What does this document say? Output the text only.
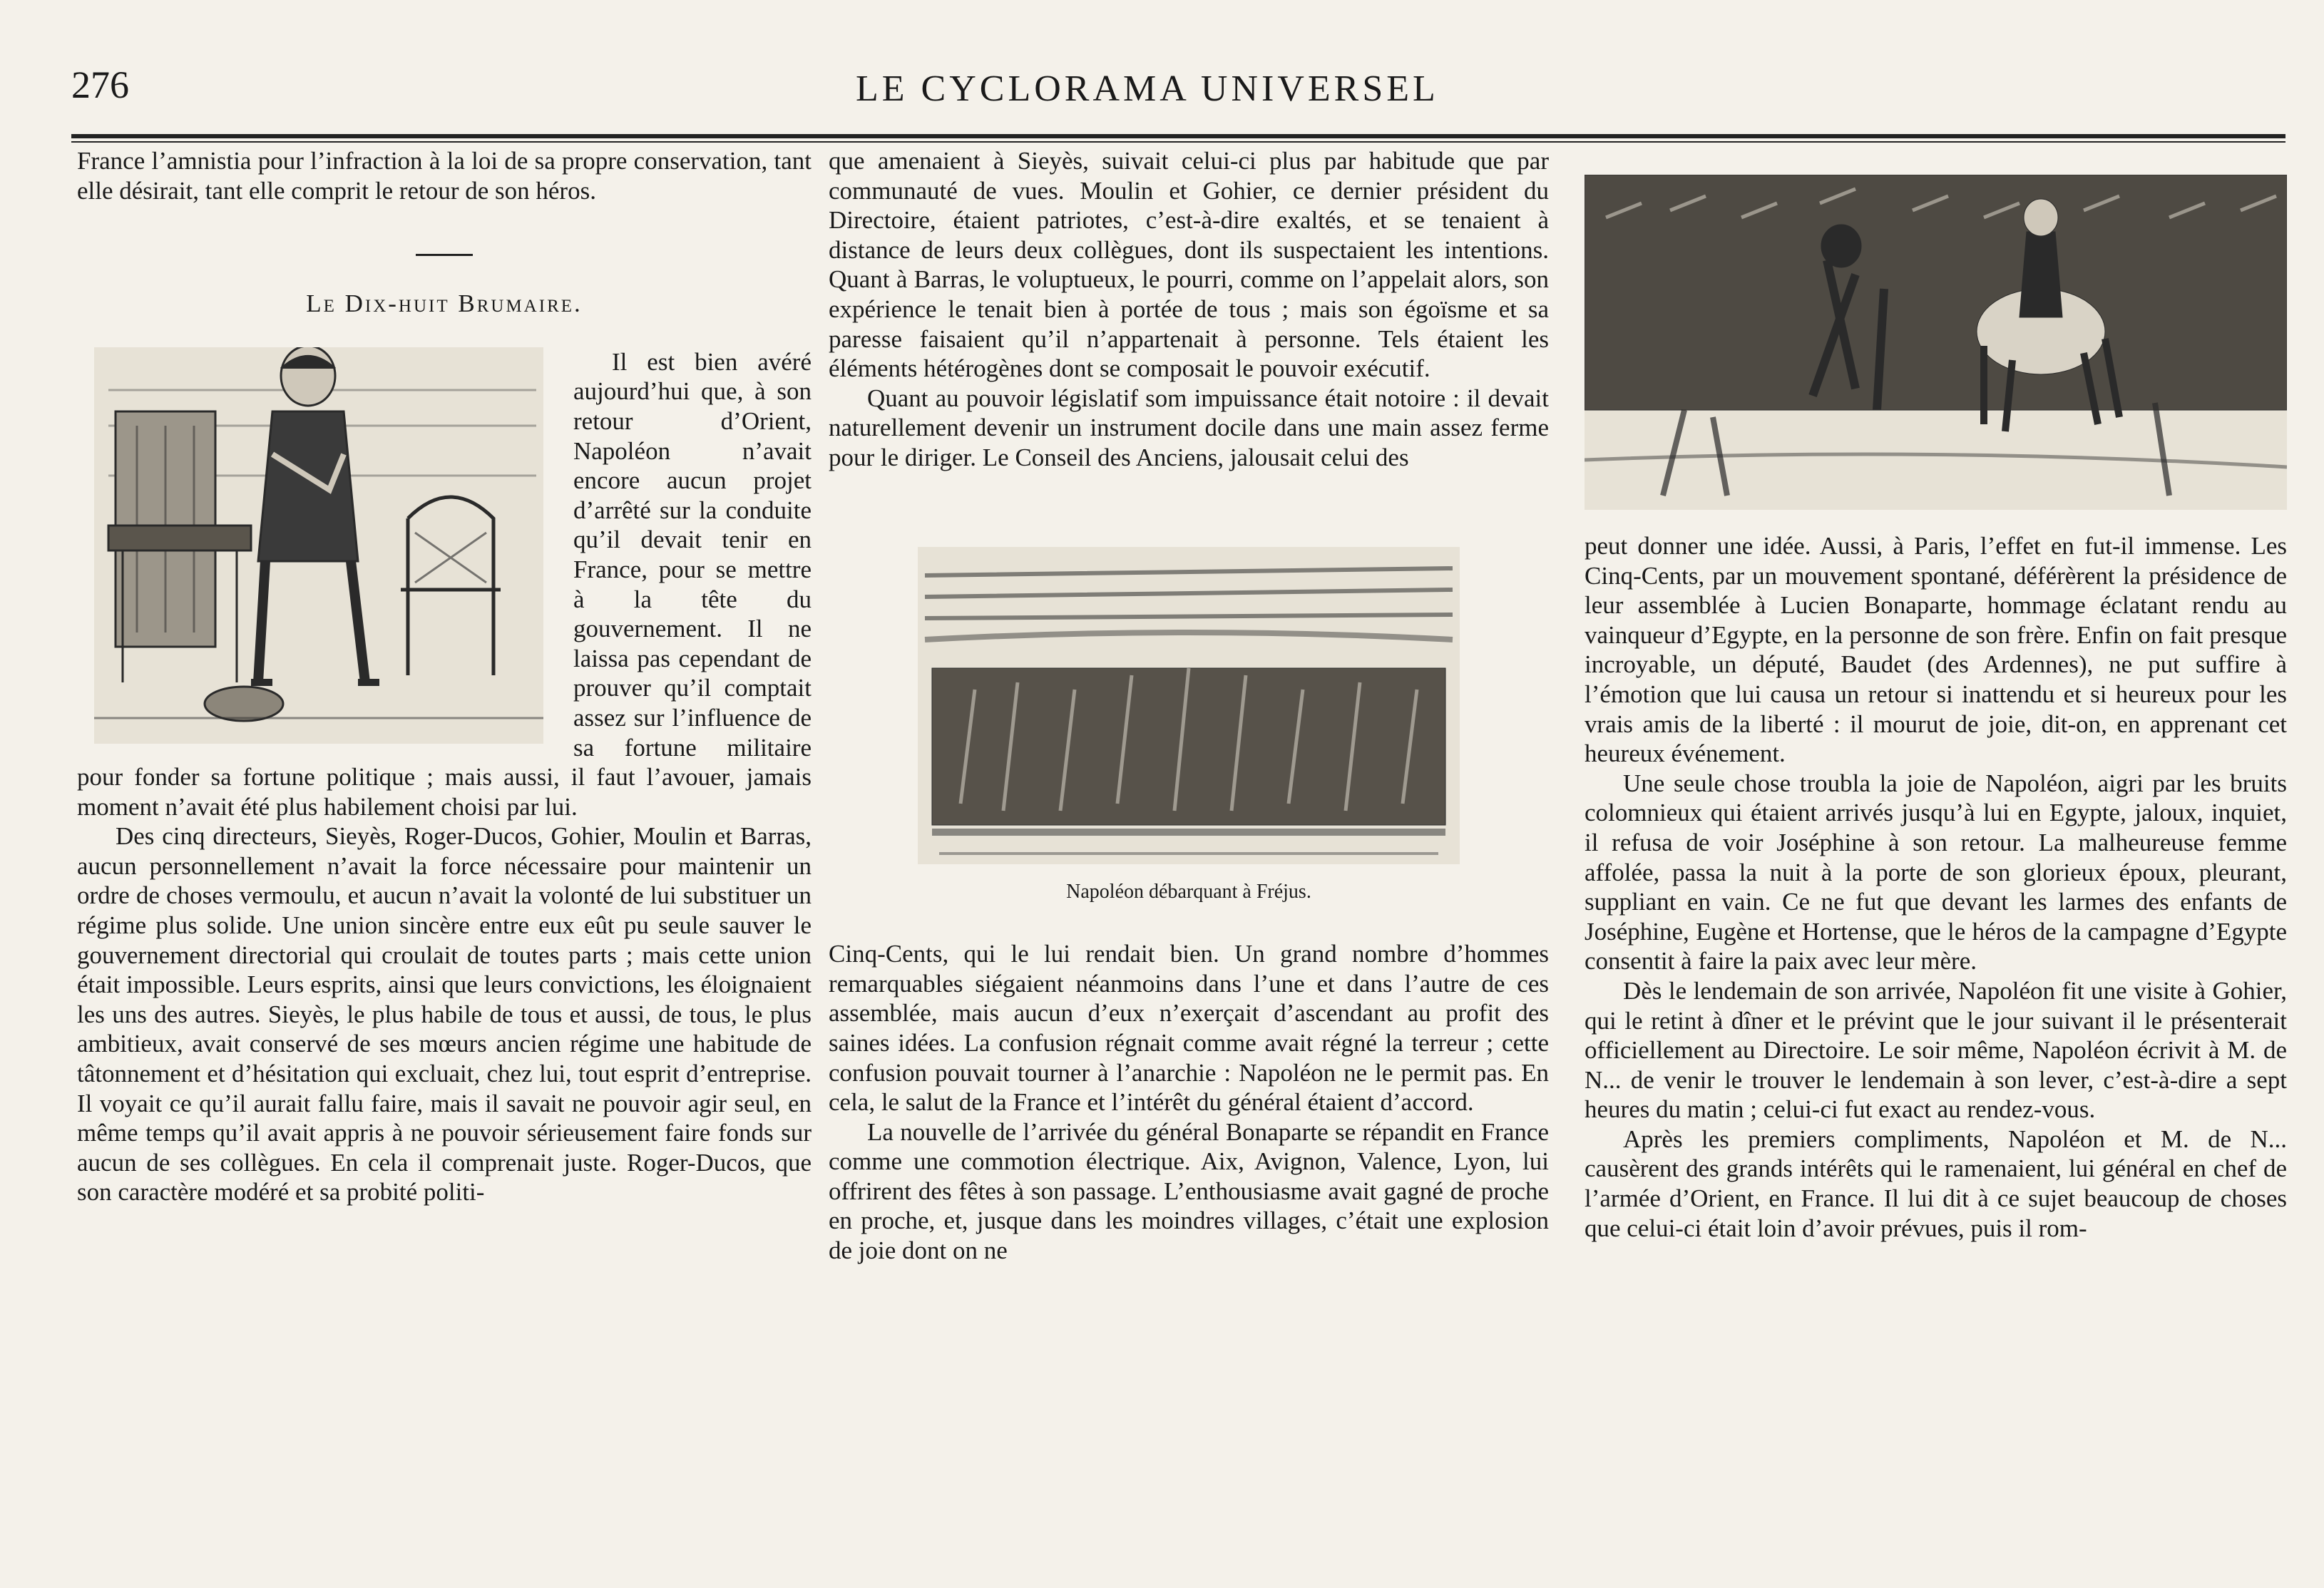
276	LE CYCLORAMA UNIVERSEL

France l’amnistia pour l’infraction à la loi de sa propre conservation, tant elle désirait, tant elle comprit le retour de son héros.

Le Dix-huit Brumaire.

Il est bien avéré aujourd’hui que, à son retour d’Orient, Napoléon n’avait encore aucun projet d’arrêté sur la conduite qu’il devait tenir en France, pour se mettre à la tête du gouvernement. Il ne laissa pas cependant de prouver qu’il comptait assez sur l’influence de sa fortune militaire pour fonder sa fortune politique ; mais aussi, il faut l’avouer, jamais moment n’avait été plus habilement choisi par lui.

Des cinq directeurs, Sieyès, Roger-Ducos, Gohier, Moulin et Barras, aucun personnellement n’avait la force nécessaire pour maintenir un ordre de choses vermoulu, et aucun n’avait la volonté de lui substituer un régime plus solide. Une union sincère entre eux eût pu seule sauver le gouvernement directorial qui croulait de toutes parts ; mais cette union était impossible. Leurs esprits, ainsi que leurs convictions, les éloignaient les uns des autres. Sieyès, le plus habile de tous et aussi, de tous, le plus ambitieux, avait conservé de ses mœurs ancien régime une habitude de tâtonnement et d’hésitation qui excluait, chez lui, tout esprit d’entreprise. Il voyait ce qu’il aurait fallu faire, mais il savait ne pouvoir agir seul, en même temps qu’il avait appris à ne pouvoir sérieusement faire fonds sur aucun de ses collègues. En cela il comprenait juste. Roger-Ducos, que son caractère modéré et sa probité politi-

que amenaient à Sieyès, suivait celui-ci plus par habitude que par communauté de vues. Moulin et Gohier, ce dernier président du Directoire, étaient patriotes, c’est-à-dire exaltés, et se tenaient à distance de leurs deux collègues, dont ils suspectaient les intentions. Quant à Barras, le voluptueux, le pourri, comme on l’appelait alors, son expérience le tenait bien à portée de tous ; mais son égoïsme et sa paresse faisaient qu’il n’appartenait à personne. Tels étaient les éléments hétérogènes dont se composait le pouvoir exécutif.

Quant au pouvoir législatif som impuissance était notoire : il devait naturellement devenir un instrument docile dans une main assez ferme pour le diriger. Le Conseil des Anciens, jalousait celui des

Napoléon débarquant à Fréjus.

Cinq-Cents, qui le lui rendait bien. Un grand nombre d’hommes remarquables siégaient néanmoins dans l’une et dans l’autre de ces assemblée, mais aucun d’eux n’exerçait d’ascendant au profit des saines idées. La confusion régnait comme avait régné la terreur ; cette confusion pouvait tourner à l’anarchie : Napoléon ne le permit pas. En cela, le salut de la France et l’intérêt du général étaient d’accord.

La nouvelle de l’arrivée du général Bonaparte se répandit en France comme une commotion électrique. Aix, Avignon, Valence, Lyon, lui offrirent des fêtes à son passage. L’enthousiasme avait gagné de proche en proche, et, jusque dans les moindres villages, c’était une explosion de joie dont on ne

peut donner une idée. Aussi, à Paris, l’effet en fut-il immense. Les Cinq-Cents, par un mouvement spontané, déférèrent la présidence de leur assemblée à Lucien Bonaparte, hommage éclatant rendu au vainqueur d’Egypte, en la personne de son frère. Enfin on fait presque incroyable, un député, Baudet (des Ardennes), ne put suffire à l’émotion que lui causa un retour si inattendu et si heureux pour les vrais amis de la liberté : il mourut de joie, dit-on, en apprenant cet heureux événement.

Une seule chose troubla la joie de Napoléon, aigri par les bruits colomnieux qui étaient arrivés jusqu’à lui en Egypte, jaloux, inquiet, il refusa de voir Joséphine à son retour. La malheureuse femme affolée, passa la nuit à la porte de son glorieux époux, pleurant, suppliant en vain. Ce ne fut que devant les larmes des enfants de Joséphine, Eugène et Hortense, que le héros de la campagne d’Egypte consentit à faire la paix avec leur mère.

Dès le lendemain de son arrivée, Napoléon fit une visite à Gohier, qui le retint à dîner et le prévint que le jour suivant il le présenterait officiellement au Directoire. Le soir même, Napoléon écrivit à M. de N... de venir le trouver le lendemain à son lever, c’est-à-dire a sept heures du matin ; celui-ci fut exact au rendez-vous.

Après les premiers compliments, Napoléon et M. de N... causèrent des grands intérêts qui le ramenaient, lui général en chef de l’armée d’Orient, en France. Il lui dit à ce sujet beaucoup de choses que celui-ci était loin d’avoir prévues, puis il rom-
